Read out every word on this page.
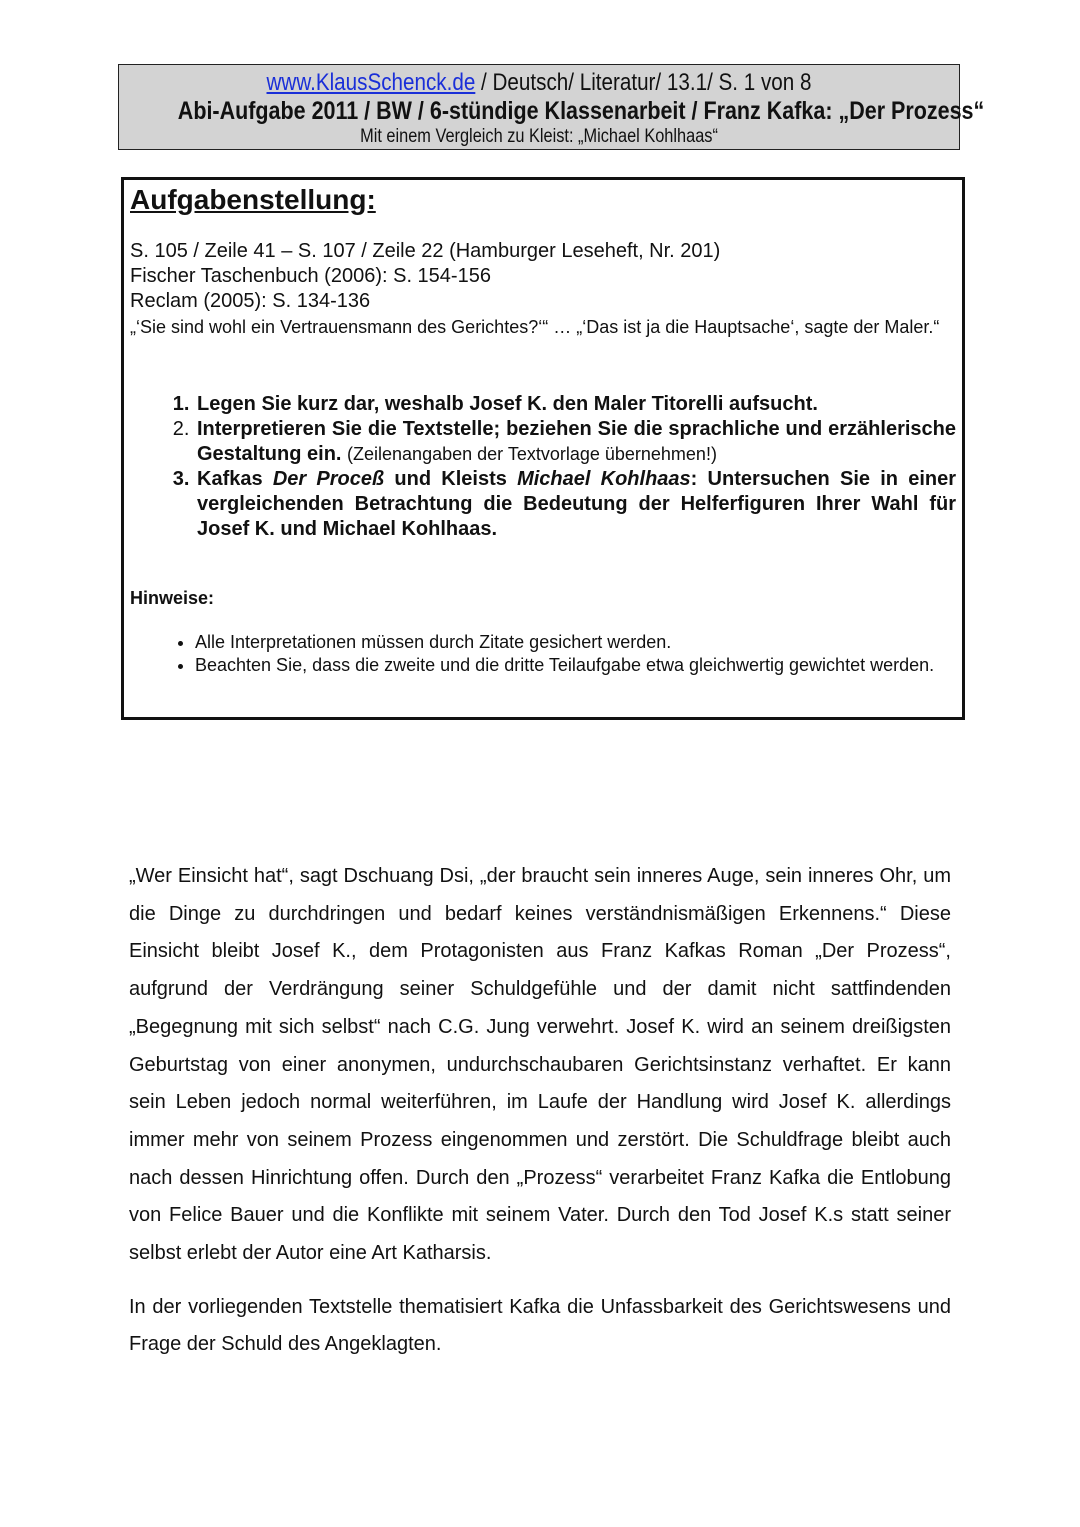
www.KlausSchenck.de / Deutsch/ Literatur/ 13.1/ S. 1 von 8
Abi-Aufgabe 2011 / BW / 6-stündige Klassenarbeit / Franz Kafka: „Der Prozess“
Mit einem Vergleich zu Kleist: „Michael Kohlhaas“
Aufgabenstellung:
S. 105 / Zeile 41 – S. 107 / Zeile 22 (Hamburger Leseheft, Nr. 201)
Fischer Taschenbuch (2006): S. 154-156
Reclam (2005): S. 134-136
„‘Sie sind wohl ein Vertrauensmann des Gerichtes?‘“ … „‘Das ist ja die Hauptsache‘, sagte der Maler.“
1. Legen Sie kurz dar, weshalb Josef K. den Maler Titorelli aufsucht.
2. Interpretieren Sie die Textstelle; beziehen Sie die sprachliche und erzählerische Gestaltung ein. (Zeilenangaben der Textvorlage übernehmen!)
3. Kafkas Der Proceß und Kleists Michael Kohlhaas: Untersuchen Sie in einer vergleichenden Betrachtung die Bedeutung der Helferfiguren Ihrer Wahl für Josef K. und Michael Kohlhaas.
Hinweise:
• Alle Interpretationen müssen durch Zitate gesichert werden.
• Beachten Sie, dass die zweite und die dritte Teilaufgabe etwa gleichwertig gewichtet werden.

„Wer Einsicht hat“, sagt Dschuang Dsi, „der braucht sein inneres Auge, sein inneres Ohr, um die Dinge zu durchdringen und bedarf keines verständnismäßigen Erkennens.“ Diese Einsicht bleibt Josef K., dem Protagonisten aus Franz Kafkas Roman „Der Prozess“, aufgrund der Verdrängung seiner Schuldgefühle und der damit nicht sattfindenden „Begegnung mit sich selbst“ nach C.G. Jung verwehrt. Josef K. wird an seinem dreißigsten Geburtstag von einer anonymen, undurchschaubaren Gerichtsinstanz verhaftet. Er kann sein Leben jedoch normal weiterführen, im Laufe der Handlung wird Josef K. allerdings immer mehr von seinem Prozess eingenommen und zerstört. Die Schuldfrage bleibt auch nach dessen Hinrichtung offen. Durch den „Prozess“ verarbeitet Franz Kafka die Entlobung von Felice Bauer und die Konflikte mit seinem Vater. Durch den Tod Josef K.s statt seiner selbst erlebt der Autor eine Art Katharsis.

In der vorliegenden Textstelle thematisiert Kafka die Unfassbarkeit des Gerichtswesens und Frage der Schuld des Angeklagten.
